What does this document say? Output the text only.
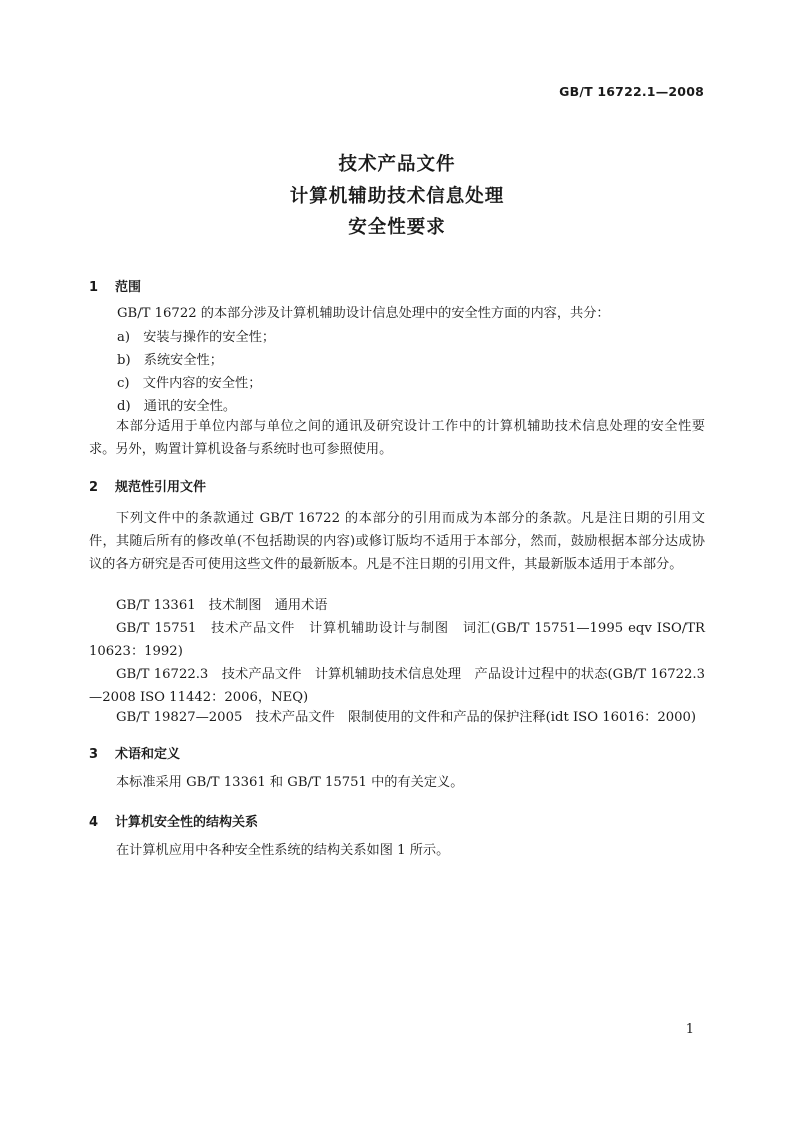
GB/T 16722.1—2008
技术产品文件
计算机辅助技术信息处理
安全性要求
1 范围
GB/T 16722 的本部分涉及计算机辅助设计信息处理中的安全性方面的内容，共分：
a)　安装与操作的安全性；
b)　系统安全性；
c)　文件内容的安全性；
d)　通讯的安全性。
本部分适用于单位内部与单位之间的通讯及研究设计工作中的计算机辅助技术信息处理的安全性要求。另外，购置计算机设备与系统时也可参照使用。
2 规范性引用文件
下列文件中的条款通过 GB/T 16722 的本部分的引用而成为本部分的条款。凡是注日期的引用文件，其随后所有的修改单(不包括勘误的内容)或修订版均不适用于本部分，然而，鼓励根据本部分达成协议的各方研究是否可使用这些文件的最新版本。凡是不注日期的引用文件，其最新版本适用于本部分。
GB/T 13361　技术制图　通用术语
GB/T 15751　技术产品文件　计算机辅助设计与制图　词汇(GB/T 15751—1995 eqv ISO/TR 10623：1992)
GB/T 16722.3　技术产品文件　计算机辅助技术信息处理　产品设计过程中的状态(GB/T 16722.3—2008 ISO 11442：2006，NEQ)
GB/T 19827—2005　技术产品文件　限制使用的文件和产品的保护注释(idt ISO 16016：2000)
3 术语和定义
本标准采用 GB/T 13361 和 GB/T 15751 中的有关定义。
4 计算机安全性的结构关系
在计算机应用中各种安全性系统的结构关系如图 1 所示。
1
